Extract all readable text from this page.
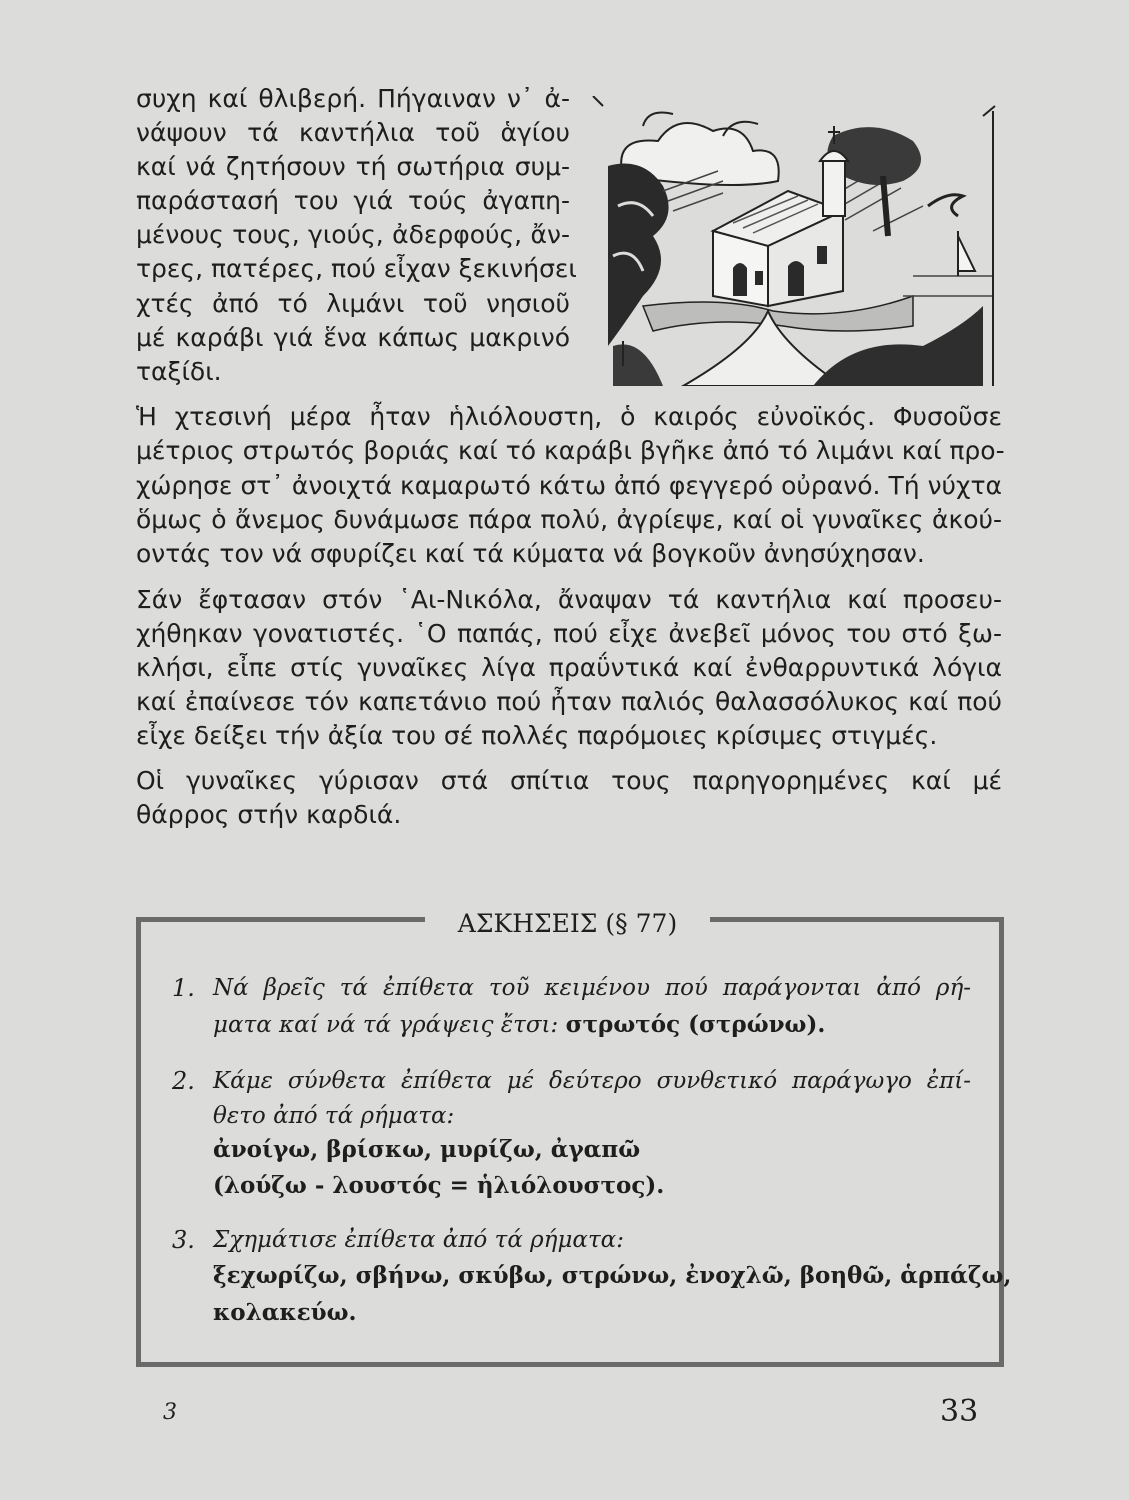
συχη καί θλιβερή. Πήγαιναν ν᾿ ἀ-
νάψουν τά καντήλια τοῦ ἁγίου
καί νά ζητήσουν τή σωτήρια συμ-
παράστασή του γιά τούς ἀγαπη-
μένους τους, γιούς, ἀδερφούς, ἄν-
τρες, πατέρες, πού εἶχαν ξεκινήσει
χτές ἀπό τό λιμάνι τοῦ νησιοῦ
μέ καράβι γιά ἕνα κάπως μακρινό
ταξίδι.
Ἡ χτεσινή μέρα ἦταν ἡλιόλουστη, ὁ καιρός εὐνοϊκός. Φυσοῦσε
μέτριος στρωτός βοριάς καί τό καράβι βγῆκε ἀπό τό λιμάνι καί προ-
χώρησε στ᾿ ἀνοιχτά καμαρωτό κάτω ἀπό φεγγερό οὐρανό. Τή νύχτα
ὅμως ὁ ἄνεμος δυνάμωσε πάρα πολύ, ἀγρίεψε, καί οἱ γυναῖκες ἀκού-
οντάς τον νά σφυρίζει καί τά κύματα νά βογκοῦν ἀνησύχησαν.
Σάν ἔφτασαν στόν ῾Αι-Νικόλα, ἄναψαν τά καντήλια καί προσευ-
χήθηκαν γονατιστές. ῾Ο παπάς, πού εἶχε ἀνεβεῖ μόνος του στό ξω-
κλήσι, εἶπε στίς γυναῖκες λίγα πραΰντικά καί ἐνθαρρυντικά λόγια
καί ἐπαίνεσε τόν καπετάνιο πού ἦταν παλιός θαλασσόλυκος καί πού
εἶχε δείξει τήν ἀξία του σέ πολλές παρόμοιες κρίσιμες στιγμές.
Οἱ γυναῖκες γύρισαν στά σπίτια τους παρηγορημένες καί μέ
θάρρος στήν καρδιά.
ΑΣΚΗΣΕΙΣ (§ 77)
1. Νά βρεῖς τά ἐπίθετα τοῦ κειμένου πού παράγονται ἀπό ρή-
ματα καί νά τά γράψεις ἔτσι: στρωτός (στρώνω).
2. Κάμε σύνθετα ἐπίθετα μέ δεύτερο συνθετικό παράγωγο ἐπί-
θετο ἀπό τά ρήματα:
ἀνοίγω, βρίσκω, μυρίζω, ἀγαπῶ
(λούζω - λουστός = ἡλιόλουστος).
3. Σχημάτισε ἐπίθετα ἀπό τά ρήματα:
ξεχωρίζω, σβήνω, σκύβω, στρώνω, ἐνοχλῶ, βοηθῶ, ἁρπάζω,
κολακεύω.
3	33
